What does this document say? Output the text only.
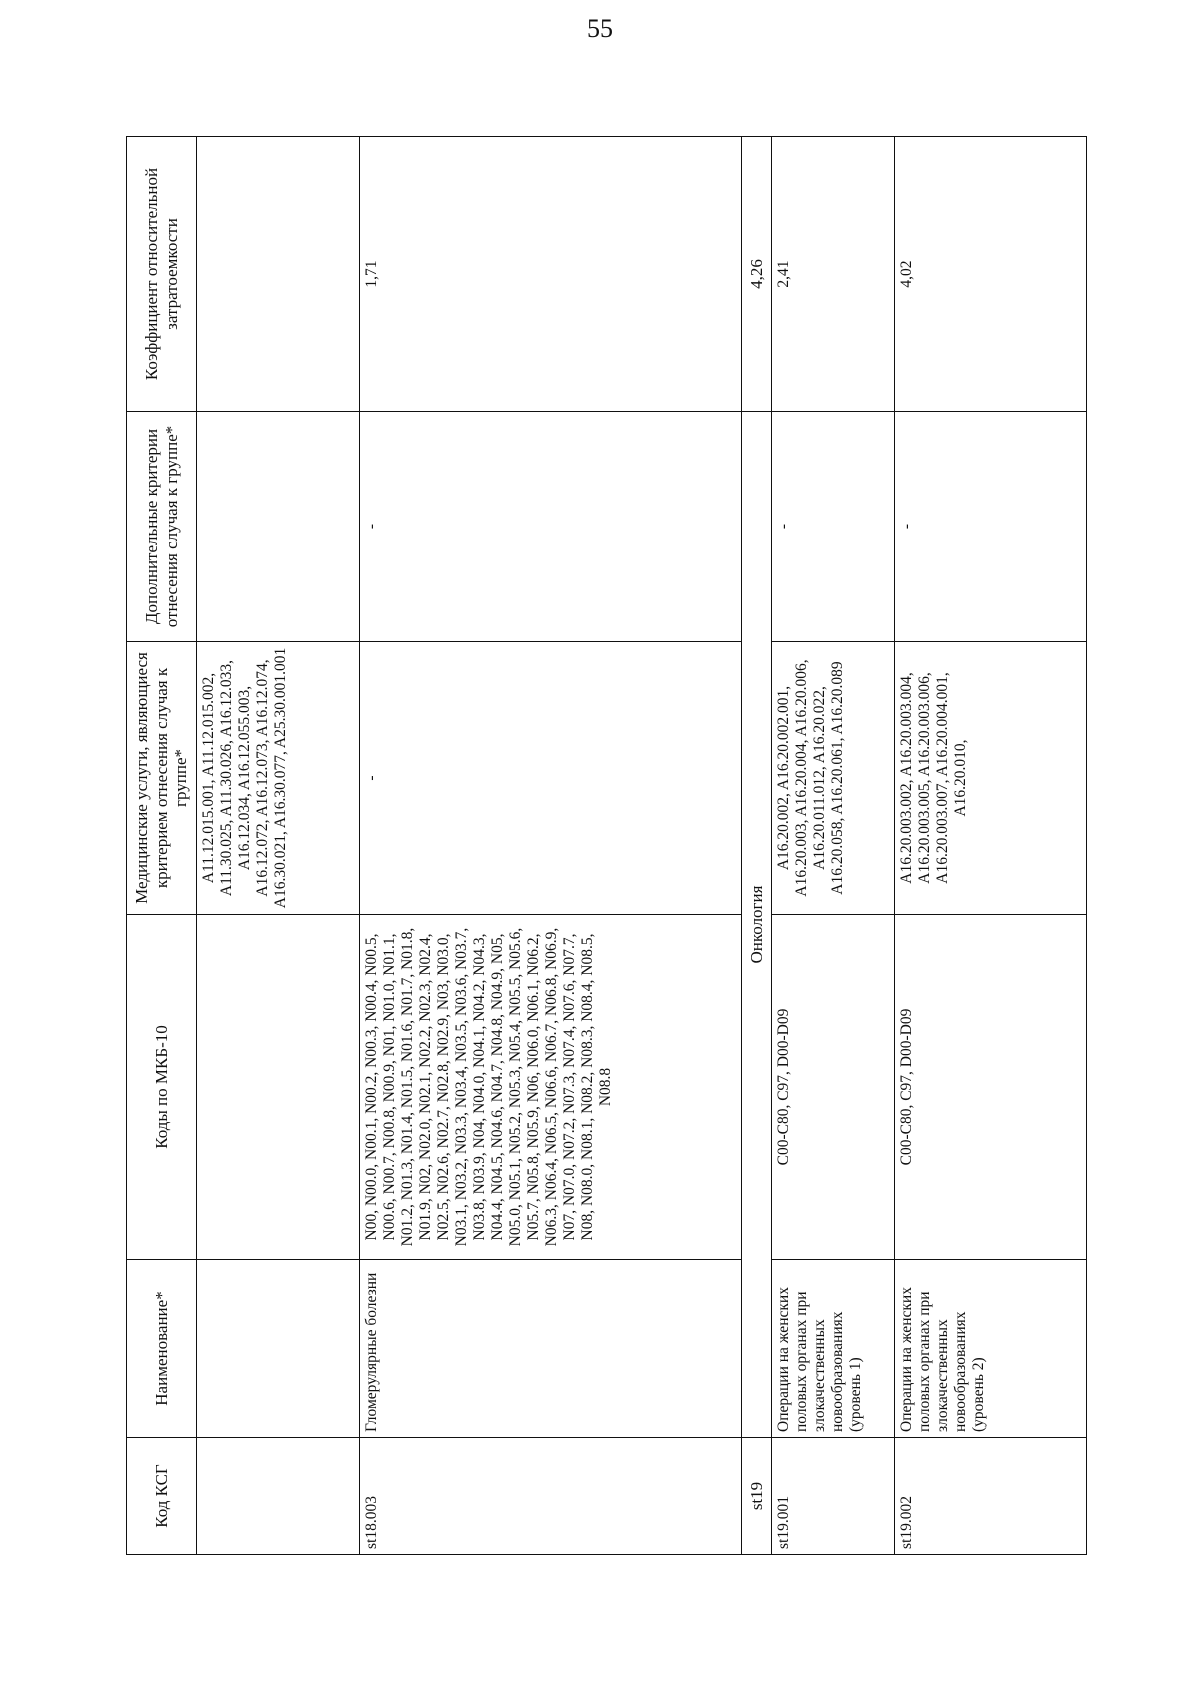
55
Код КСГ	Наименование*	Коды по МКБ-10	Медицинские услуги, являющиеся критерием отнесения случая к группе*	Дополнительные критерии отнесения случая к группе*	Коэффициент относительной затратоемкости
			A11.12.015.001, A11.12.015.002, A11.30.025, A11.30.026, A16.12.033, A16.12.034, A16.12.055.003, A16.12.072, A16.12.073, A16.12.074, A16.30.021, A16.30.077, A25.30.001.001		
st18.003	Гломерулярные болезни	N00, N00.0, N00.1, N00.2, N00.3, N00.4, N00.5, N00.6, N00.7, N00.8, N00.9, N01, N01.0, N01.1, N01.2, N01.3, N01.4, N01.5, N01.6, N01.7, N01.8, N01.9, N02, N02.0, N02.1, N02.2, N02.3, N02.4, N02.5, N02.6, N02.7, N02.8, N02.9, N03, N03.0, N03.1, N03.2, N03.3, N03.4, N03.5, N03.6, N03.7, N03.8, N03.9, N04, N04.0, N04.1, N04.2, N04.3, N04.4, N04.5, N04.6, N04.7, N04.8, N04.9, N05, N05.0, N05.1, N05.2, N05.3, N05.4, N05.5, N05.6, N05.7, N05.8, N05.9, N06, N06.0, N06.1, N06.2, N06.3, N06.4, N06.5, N06.6, N06.7, N06.8, N06.9, N07, N07.0, N07.2, N07.3, N07.4, N07.6, N07.7, N08, N08.0, N08.1, N08.2, N08.3, N08.4, N08.5, N08.8	-	-	1,71
st19	Онкология				4,26
st19.001	Операции на женских половых органах при злокачественных новообразованиях (уровень 1)	C00-C80, C97, D00-D09	A16.20.002, A16.20.002.001, A16.20.003, A16.20.004, A16.20.006, A16.20.011.012, A16.20.022, A16.20.058, A16.20.061, A16.20.089	-	2,41
st19.002	Операции на женских половых органах при злокачественных новообразованиях (уровень 2)	C00-C80, C97, D00-D09	A16.20.003.002, A16.20.003.004, A16.20.003.005, A16.20.003.006, A16.20.003.007, A16.20.004.001, A16.20.010,	-	4,02
